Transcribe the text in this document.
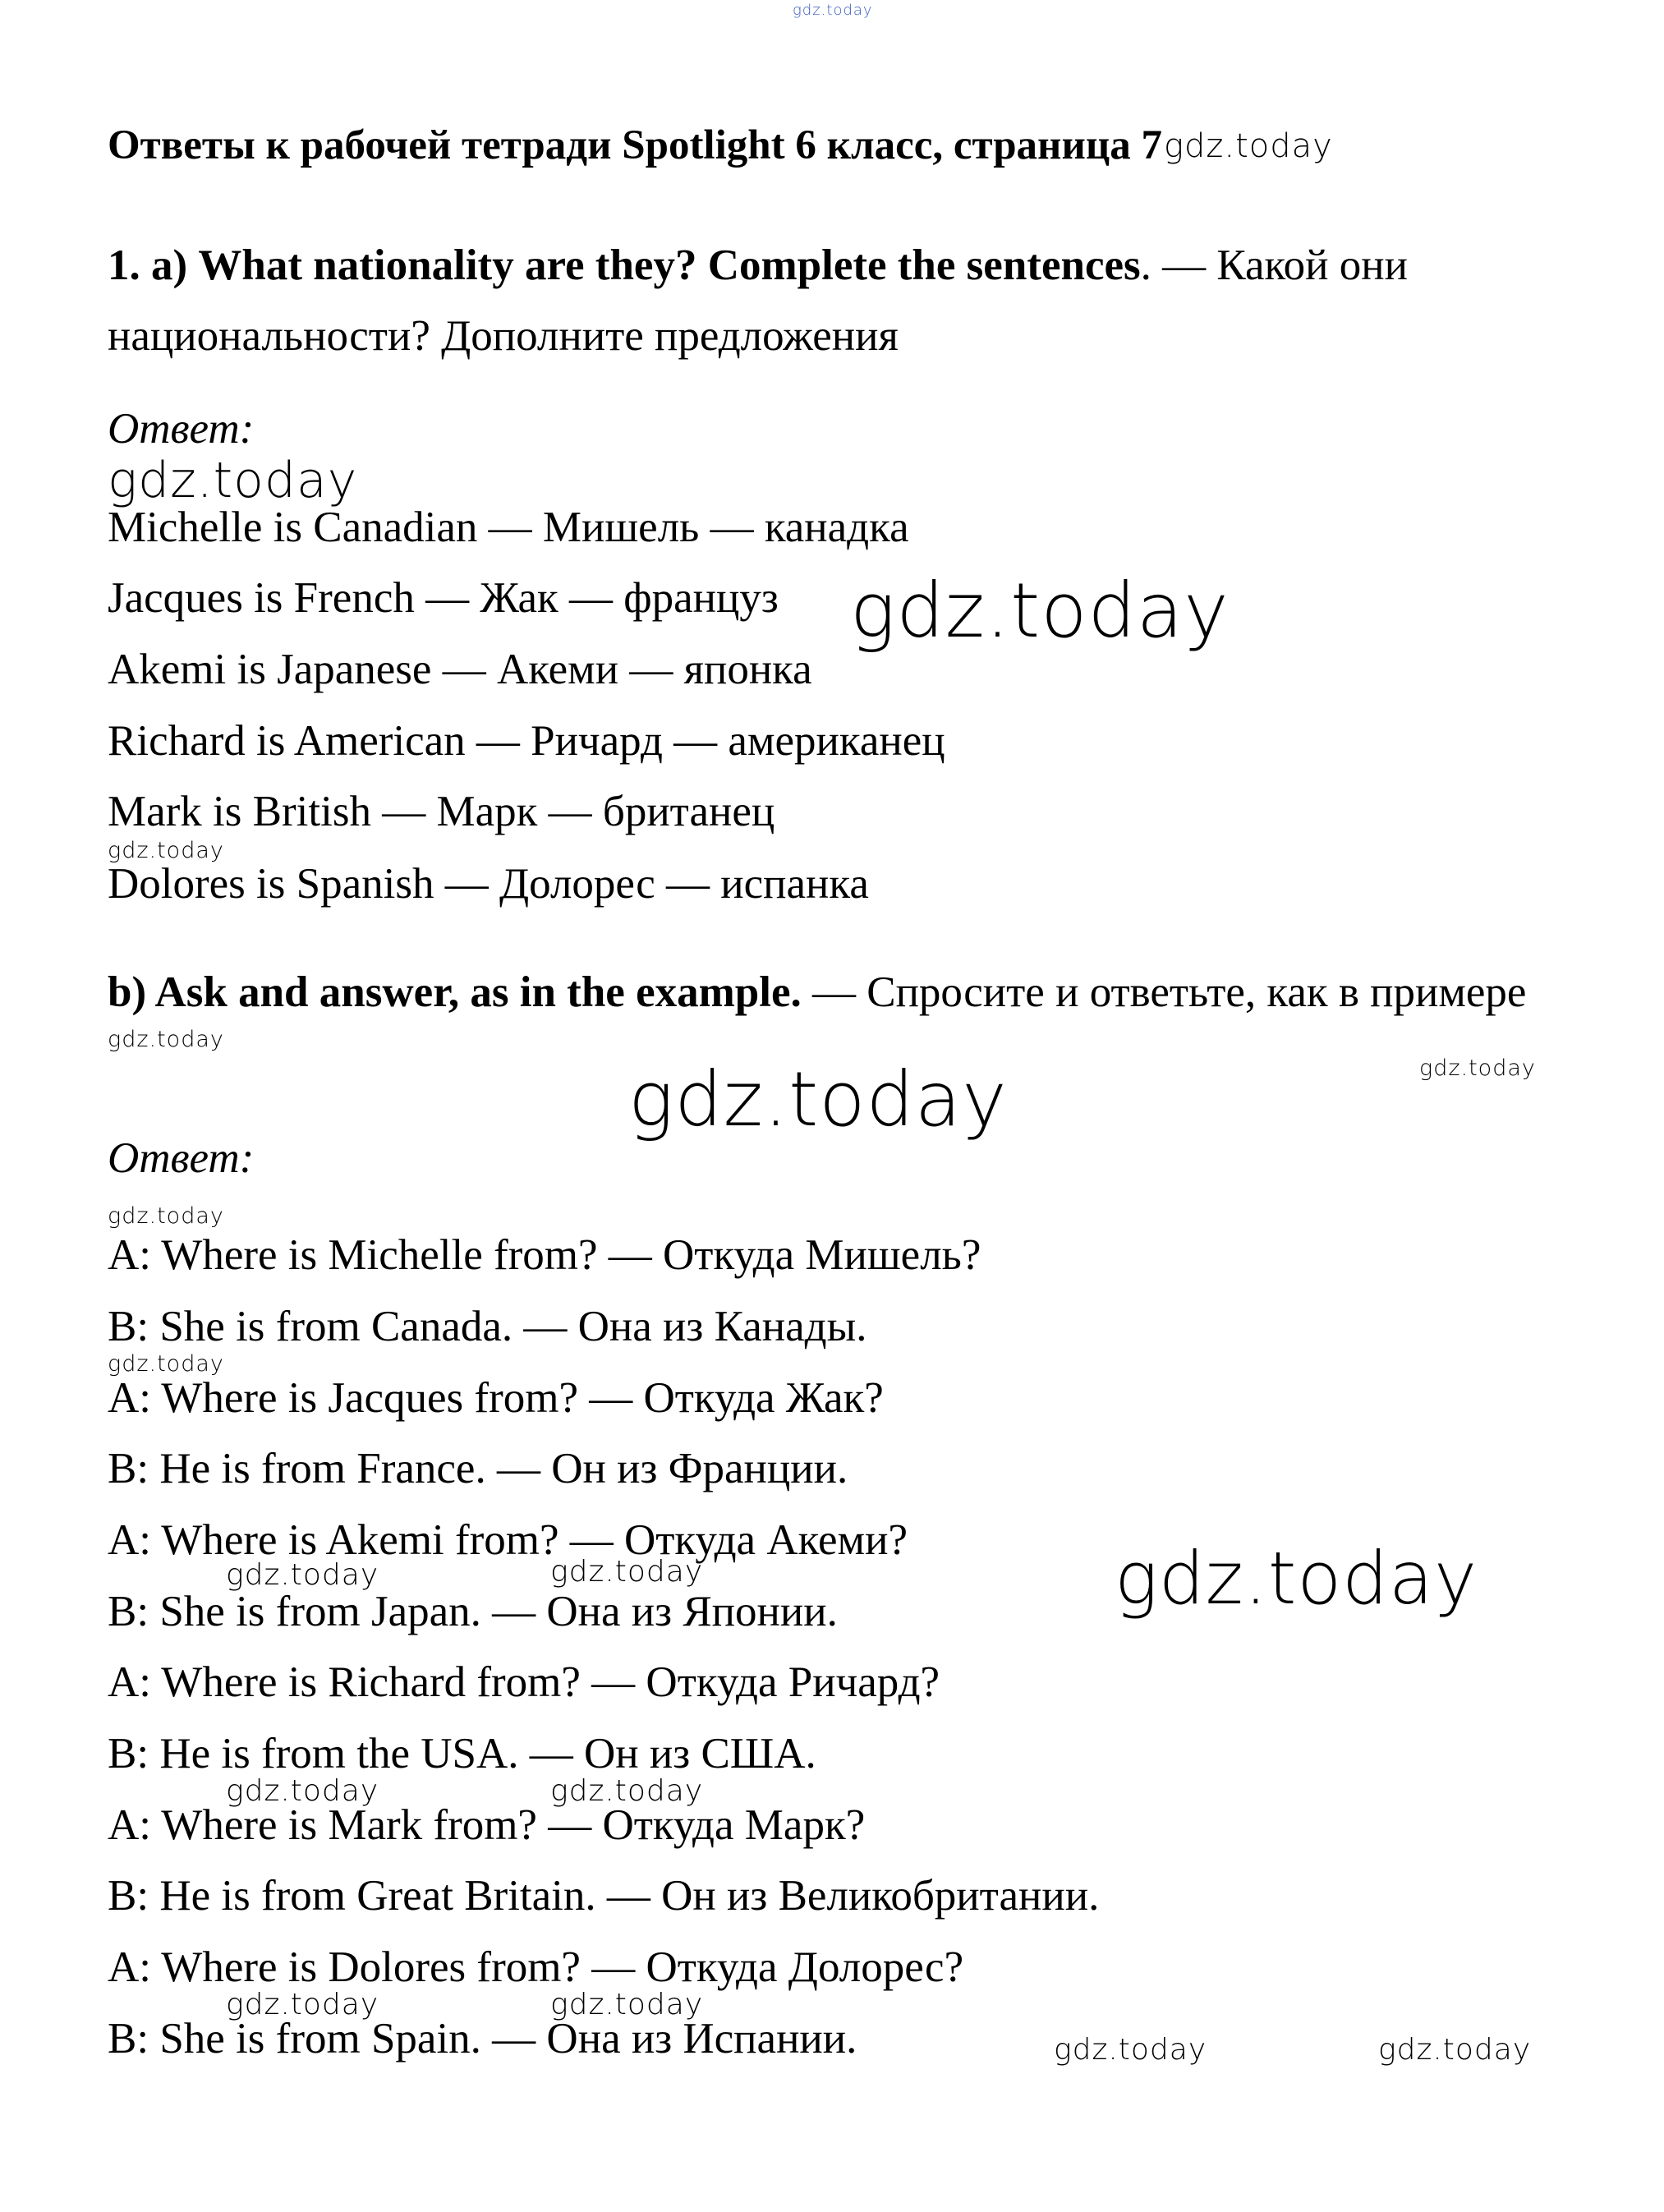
gdz.today
Ответы к рабочей тетради Spotlight 6 класс, страница 7gdz.today
1. а) What nationality are they? Complete the sentences. — Какой они национальности? Дополните предложения
Ответ:
gdz.today
Michelle is Canadian — Мишель — канадка
Jacques is French — Жак — француз gdz.today
Akemi is Japanese — Акеми — японка
Richard is American — Ричард — американец
Mark is British — Марк — британец
gdz.today
Dolores is Spanish — Долорес — испанка
b) Ask and answer, as in the example. — Спросите и ответьте, как в примере
gdz.today
gdz.today	gdz.today
Ответ:
gdz.today
A: Where is Michelle from? — Откуда Мишель?
B: She is from Canada. — Она из Канады.
gdz.today
A: Where is Jacques from? — Откуда Жак?
B: He is from France. — Он из Франции.
A: Where is Akemi from? — Откуда Акеми?
gdz.today	gdz.today	gdz.today
B: She is from Japan. — Она из Японии.
A: Where is Richard from? — Откуда Ричард?
B: He is from the USA. — Он из США.
gdz.today	gdz.today
A: Where is Mark from? — Откуда Марк?
B: He is from Great Britain. — Он из Великобритании.
A: Where is Dolores from? — Откуда Долорес?
gdz.today	gdz.today
B: She is from Spain. — Она из Испании.	gdz.today	gdz.today
